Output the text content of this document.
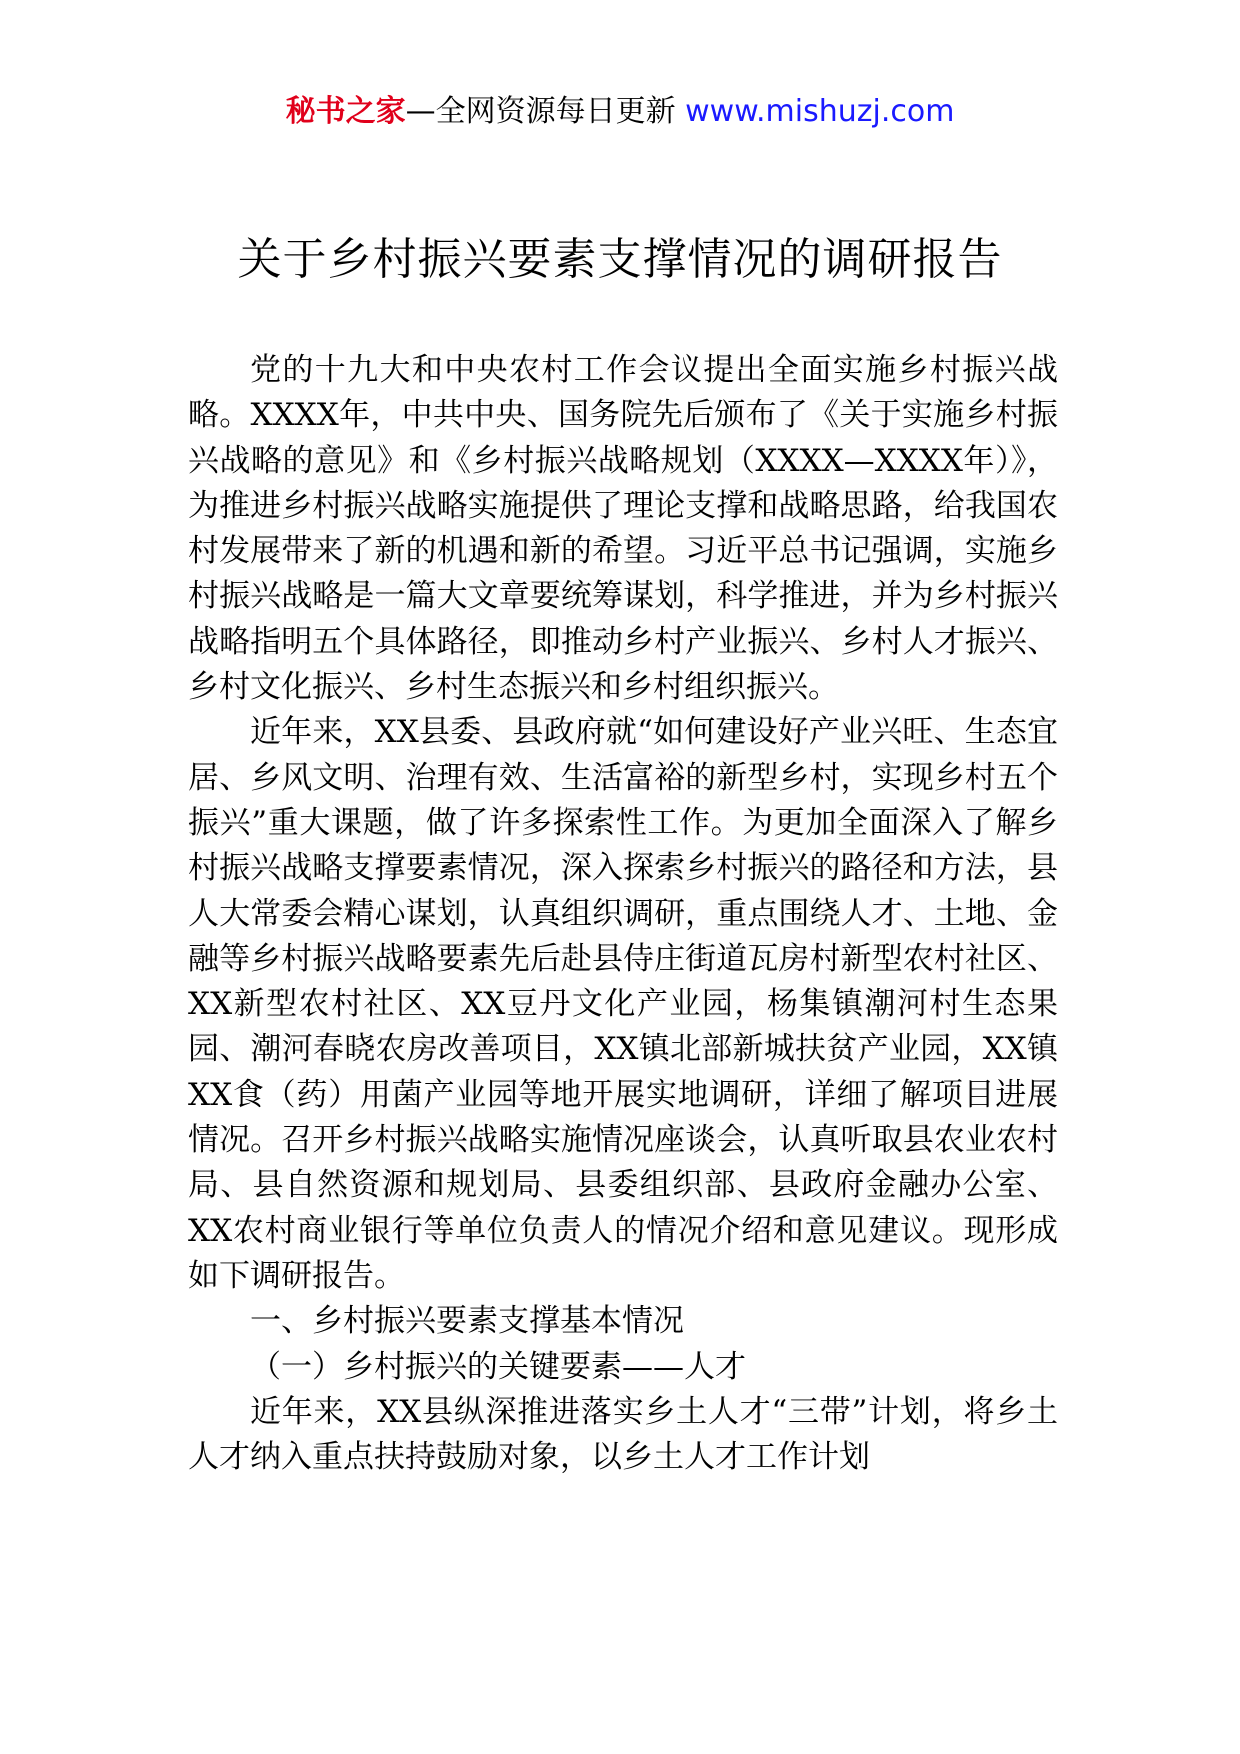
秘书之家—全网资源每日更新 www.mishuzj.com
关于乡村振兴要素支撑情况的调研报告

党的十九大和中央农村工作会议提出全面实施乡村振兴战略。XXXX年，中共中央、国务院先后颁布了《关于实施乡村振兴战略的意见》和《乡村振兴战略规划（XXXX—XXXX年）》，为推进乡村振兴战略实施提供了理论支撑和战略思路，给我国农村发展带来了新的机遇和新的希望。习近平总书记强调，实施乡村振兴战略是一篇大文章要统筹谋划，科学推进，并为乡村振兴战略指明五个具体路径，即推动乡村产业振兴、乡村人才振兴、乡村文化振兴、乡村生态振兴和乡村组织振兴。

近年来，XX县委、县政府就“如何建设好产业兴旺、生态宜居、乡风文明、治理有效、生活富裕的新型乡村，实现乡村五个振兴”重大课题，做了许多探索性工作。为更加全面深入了解乡村振兴战略支撑要素情况，深入探索乡村振兴的路径和方法，县人大常委会精心谋划，认真组织调研，重点围绕人才、土地、金融等乡村振兴战略要素先后赴县侍庄街道瓦房村新型农村社区、XX新型农村社区、XX豆丹文化产业园，杨集镇潮河村生态果园、潮河春晓农房改善项目，XX镇北部新城扶贫产业园，XX镇XX食（药）用菌产业园等地开展实地调研，详细了解项目进展情况。召开乡村振兴战略实施情况座谈会，认真听取县农业农村局、县自然资源和规划局、县委组织部、县政府金融办公室、XX农村商业银行等单位负责人的情况介绍和意见建议。现形成如下调研报告。

一、乡村振兴要素支撑基本情况

（一）乡村振兴的关键要素——人才

近年来，XX县纵深推进落实乡土人才“三带”计划，将乡土人才纳入重点扶持鼓励对象，以乡土人才工作计划
